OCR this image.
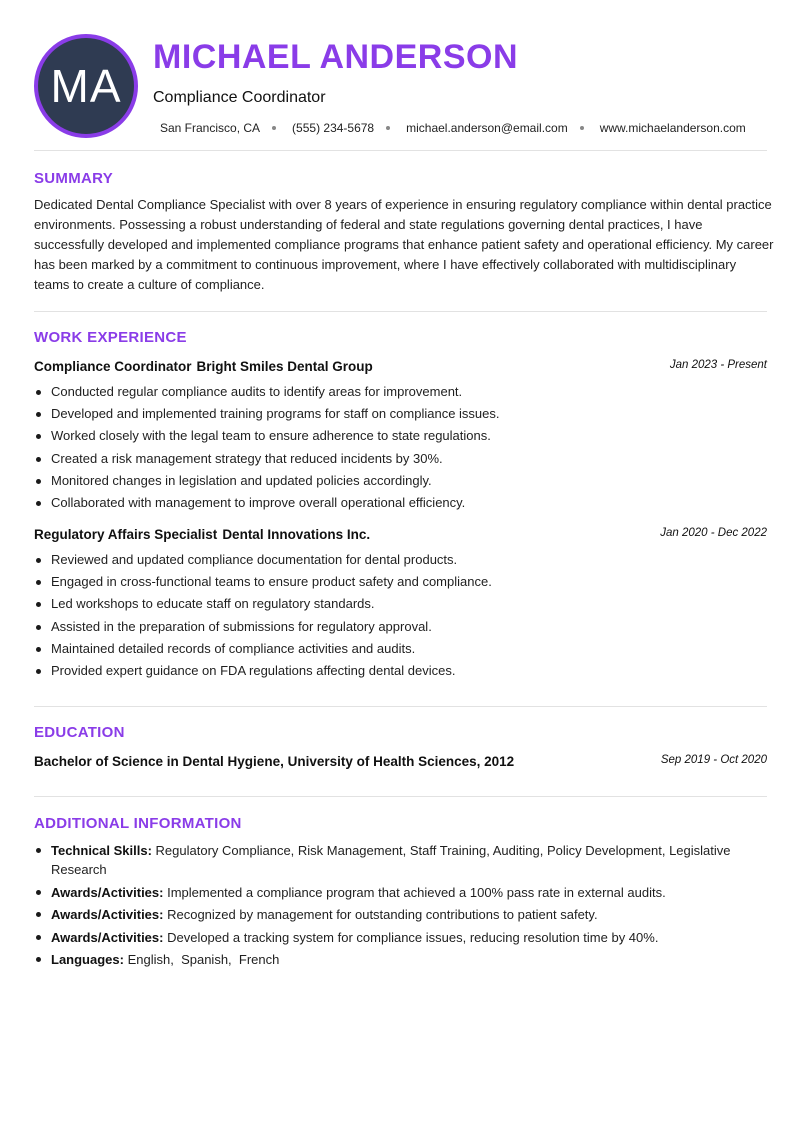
MA
MICHAEL ANDERSON
Compliance Coordinator
San Francisco, CA	(555) 234-5678	michael.anderson@email.com	www.michaelanderson.com
SUMMARY
Dedicated Dental Compliance Specialist with over 8 years of experience in ensuring regulatory compliance within dental practice environments. Possessing a robust understanding of federal and state regulations governing dental practices, I have successfully developed and implemented compliance programs that enhance patient safety and operational efficiency. My career has been marked by a commitment to continuous improvement, where I have effectively collaborated with multidisciplinary teams to create a culture of compliance.
WORK EXPERIENCE
Compliance Coordinator Bright Smiles Dental Group	Jan 2023 - Present
Conducted regular compliance audits to identify areas for improvement.
Developed and implemented training programs for staff on compliance issues.
Worked closely with the legal team to ensure adherence to state regulations.
Created a risk management strategy that reduced incidents by 30%.
Monitored changes in legislation and updated policies accordingly.
Collaborated with management to improve overall operational efficiency.
Regulatory Affairs Specialist Dental Innovations Inc.	Jan 2020 - Dec 2022
Reviewed and updated compliance documentation for dental products.
Engaged in cross-functional teams to ensure product safety and compliance.
Led workshops to educate staff on regulatory standards.
Assisted in the preparation of submissions for regulatory approval.
Maintained detailed records of compliance activities and audits.
Provided expert guidance on FDA regulations affecting dental devices.
EDUCATION
Bachelor of Science in Dental Hygiene, University of Health Sciences, 2012	Sep 2019 - Oct 2020
ADDITIONAL INFORMATION
Technical Skills: Regulatory Compliance, Risk Management, Staff Training, Auditing, Policy Development, Legislative Research
Awards/Activities: Implemented a compliance program that achieved a 100% pass rate in external audits.
Awards/Activities: Recognized by management for outstanding contributions to patient safety.
Awards/Activities: Developed a tracking system for compliance issues, reducing resolution time by 40%.
Languages: English,  Spanish,  French
